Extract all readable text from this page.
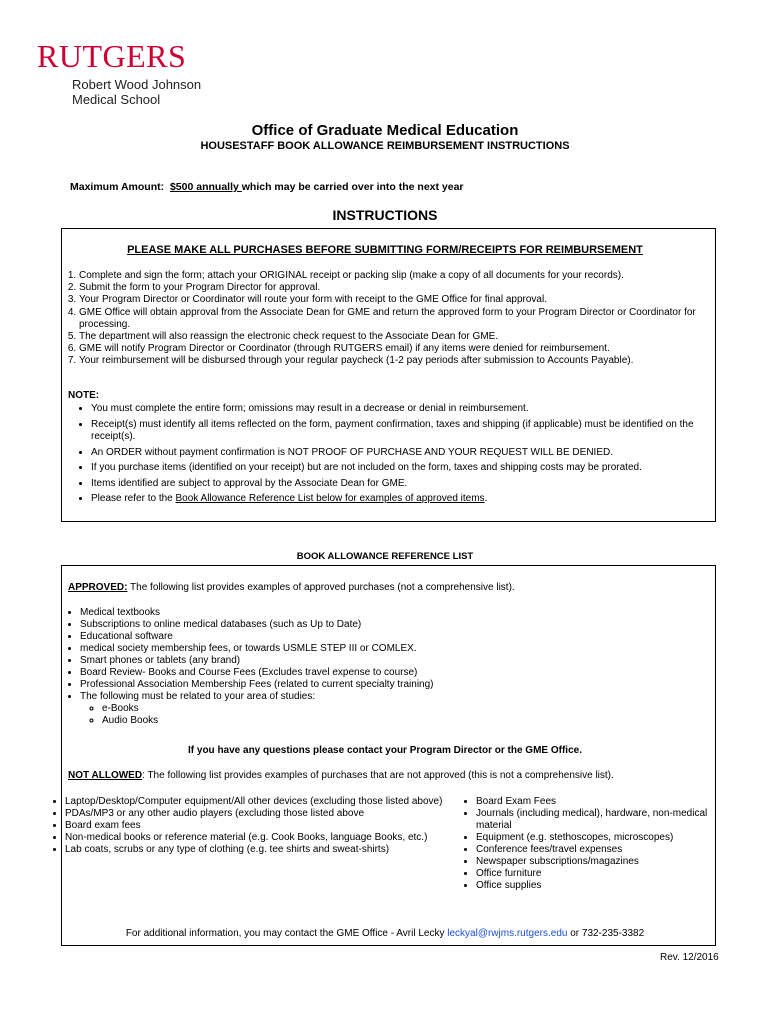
RUTGERS
Robert Wood Johnson
Medical School
Office of Graduate Medical Education
HOUSESTAFF BOOK ALLOWANCE REIMBURSEMENT INSTRUCTIONS
Maximum Amount: $500 annually which may be carried over into the next year
INSTRUCTIONS
PLEASE MAKE ALL PURCHASES BEFORE SUBMITTING FORM/RECEIPTS FOR REIMBURSEMENT
1. Complete and sign the form; attach your ORIGINAL receipt or packing slip (make a copy of all documents for your records).
2. Submit the form to your Program Director for approval.
3. Your Program Director or Coordinator will route your form with receipt to the GME Office for final approval.
4. GME Office will obtain approval from the Associate Dean for GME and return the approved form to your Program Director or Coordinator for processing.
5. The department will also reassign the electronic check request to the Associate Dean for GME.
6. GME will notify Program Director or Coordinator (through RUTGERS email) if any items were denied for reimbursement.
7. Your reimbursement will be disbursed through your regular paycheck (1-2 pay periods after submission to Accounts Payable).
NOTE:
• You must complete the entire form; omissions may result in a decrease or denial in reimbursement.
• Receipt(s) must identify all items reflected on the form, payment confirmation, taxes and shipping (if applicable) must be identified on the receipt(s).
• An ORDER without payment confirmation is NOT PROOF OF PURCHASE AND YOUR REQUEST WILL BE DENIED.
• If you purchase items (identified on your receipt) but are not included on the form, taxes and shipping costs may be prorated.
• Items identified are subject to approval by the Associate Dean for GME.
• Please refer to the Book Allowance Reference List below for examples of approved items.
BOOK ALLOWANCE REFERENCE LIST
APPROVED: The following list provides examples of approved purchases (not a comprehensive list).
• Medical textbooks
• Subscriptions to online medical databases (such as Up to Date)
• Educational software
• medical society membership fees, or towards USMLE STEP III or COMLEX.
• Smart phones or tablets (any brand)
• Board Review- Books and Course Fees (Excludes travel expense to course)
• Professional Association Membership Fees (related to current specialty training)
• The following must be related to your area of studies:
◦ e-Books
◦ Audio Books
If you have any questions please contact your Program Director or the GME Office.
NOT ALLOWED: The following list provides examples of purchases that are not approved (this is not a comprehensive list).
• Laptop/Desktop/Computer equipment/All other devices (excluding those listed above)
• PDAs/MP3 or any other audio players (excluding those listed above
• Board exam fees
• Non-medical books or reference material (e.g. Cook Books, language Books, etc.)
• Lab coats, scrubs or any type of clothing (e.g. tee shirts and sweat-shirts)
• Board Exam Fees
• Journals (including medical), hardware, non-medical material
• Equipment (e.g. stethoscopes, microscopes)
• Conference fees/travel expenses
• Newspaper subscriptions/magazines
• Office furniture
• Office supplies
For additional information, you may contact the GME Office - Avril Lecky leckyal@rwjms.rutgers.edu or 732-235-3382
Rev. 12/2016
